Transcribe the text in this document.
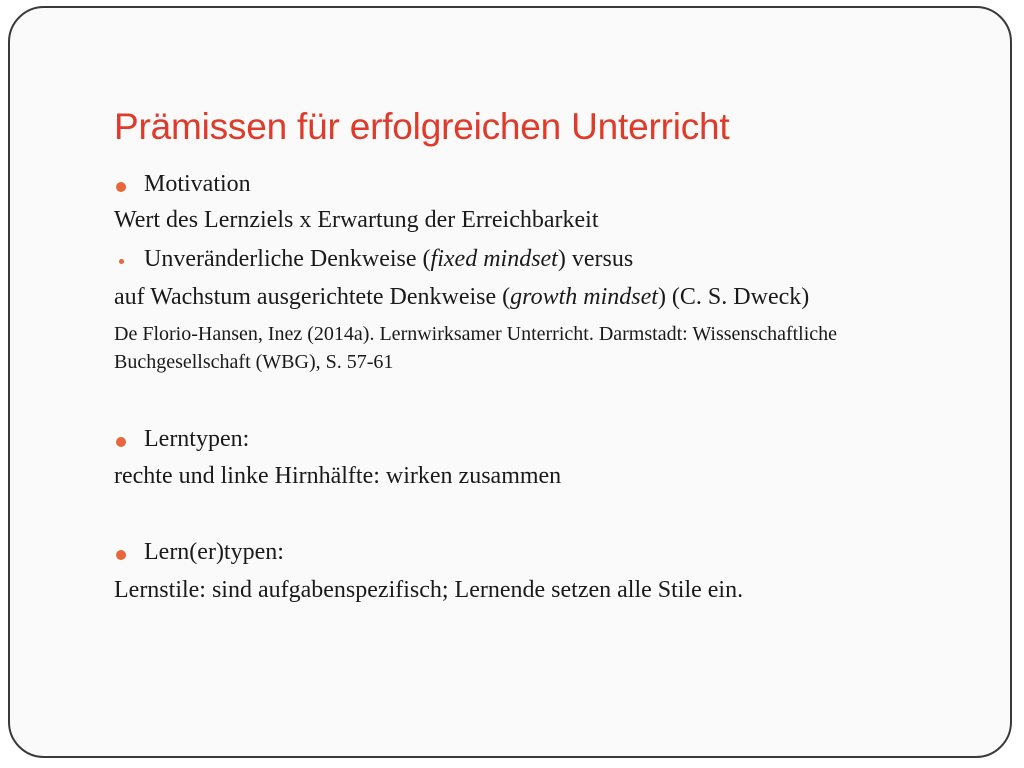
Prämissen für erfolgreichen Unterricht

Motivation

Wert des Lernziels x Erwartung der Erreichbarkeit

Unveränderliche Denkweise (fixed mindset) versus

auf Wachstum ausgerichtete Denkweise (growth mindset) (C. S. Dweck)

De Florio-Hansen, Inez (2014a). Lernwirksamer Unterricht. Darmstadt: Wissenschaftliche

Buchgesellschaft (WBG), S. 57-61

Lerntypen:

rechte und linke Hirnhälfte: wirken zusammen

Lern(er)typen:

Lernstile: sind aufgabenspezifisch; Lernende setzen alle Stile ein.
